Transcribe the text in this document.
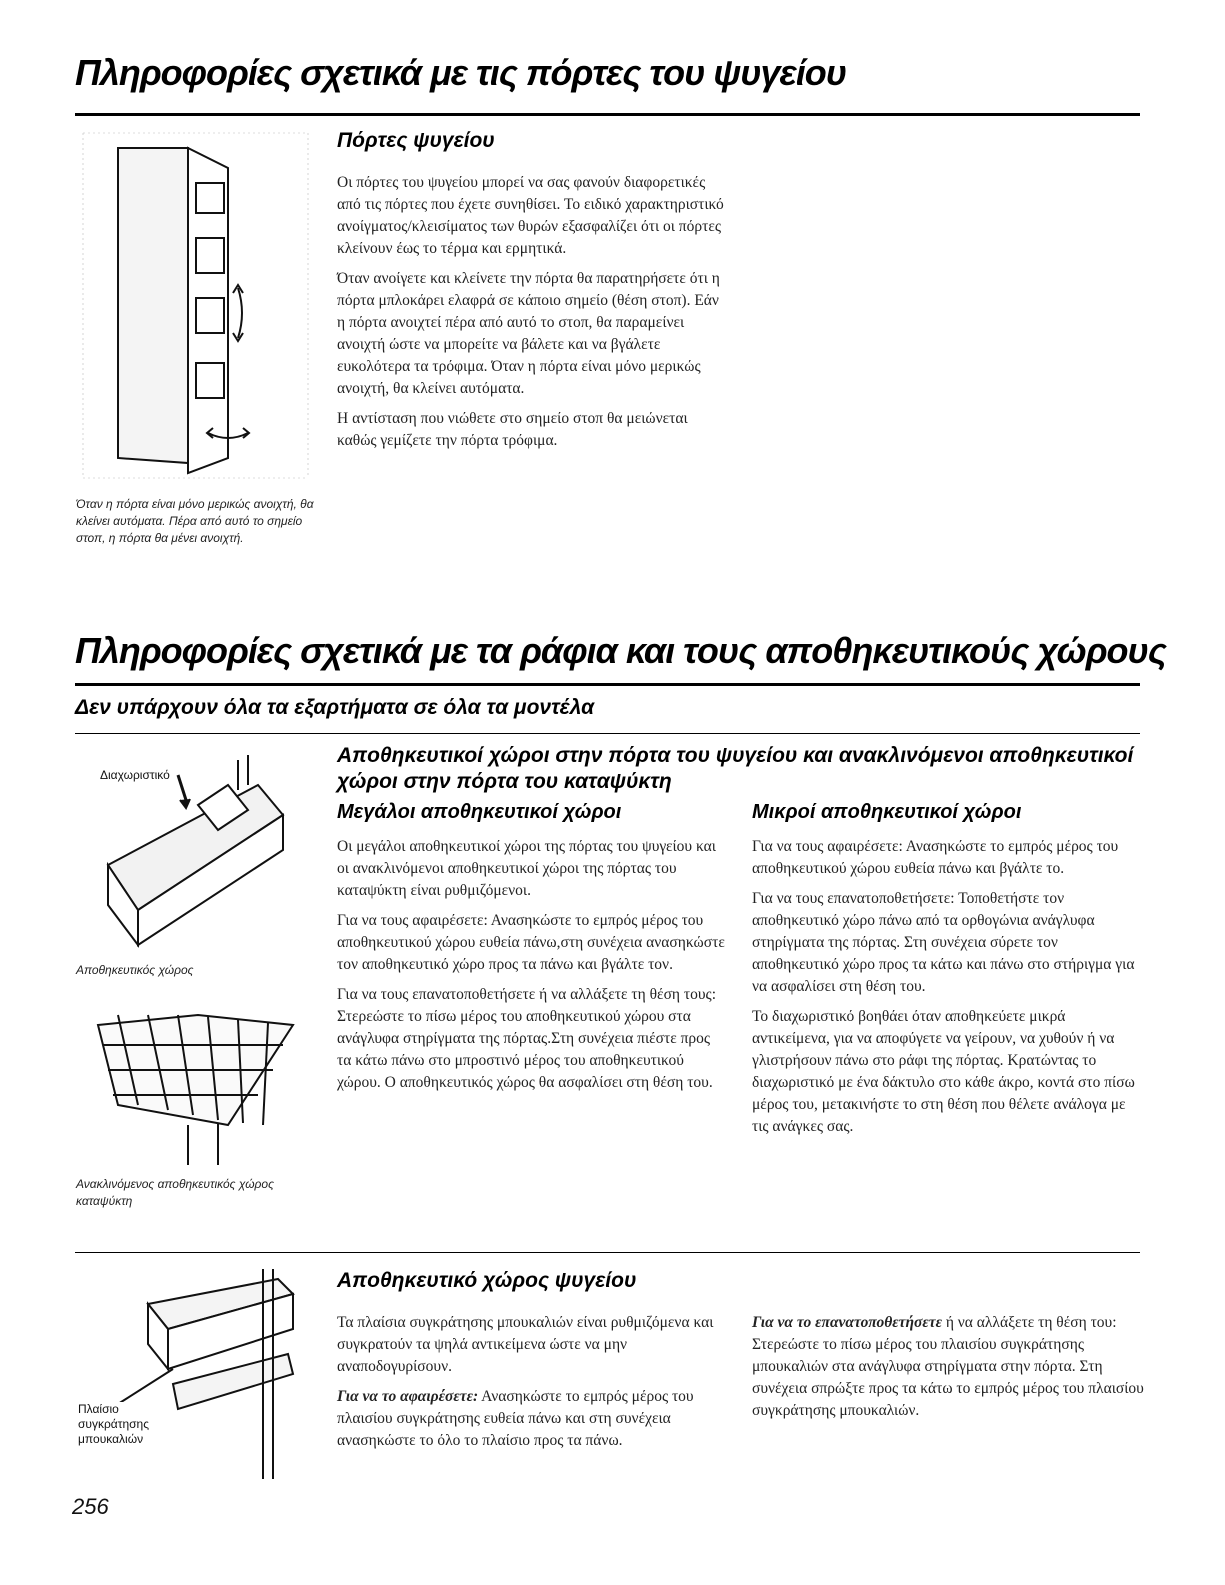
Πληροφορίες σχετικά με τις πόρτες του ψυγείου
Όταν η πόρτα είναι μόνο μερικώς ανοιχτή, θα κλείνει αυτόματα. Πέρα από αυτό το σημείο στοπ, η πόρτα θα μένει ανοιχτή.
Πόρτες ψυγείου

Οι πόρτες του ψυγείου μπορεί να σας φανούν διαφορετικές από τις πόρτες που έχετε συνηθίσει. Το ειδικό χαρακτηριστικό ανοίγματος/κλεισίματος των θυρών εξασφαλίζει ότι οι πόρτες κλείνουν έως το τέρμα και ερμητικά.

Όταν ανοίγετε και κλείνετε την πόρτα θα παρατηρήσετε ότι η πόρτα μπλοκάρει ελαφρά σε κάποιο σημείο (θέση στοπ). Εάν η πόρτα ανοιχτεί πέρα από αυτό το στοπ, θα παραμείνει ανοιχτή ώστε να μπορείτε να βάλετε και να βγάλετε ευκολότερα τα τρόφιμα. Όταν η πόρτα είναι μόνο μερικώς ανοιχτή, θα κλείνει αυτόματα.

Η αντίσταση που νιώθετε στο σημείο στοπ θα μειώνεται καθώς γεμίζετε την πόρτα τρόφιμα.

Πληροφορίες σχετικά με τα ράφια και τους αποθηκευτικούς χώρους
Δεν υπάρχουν όλα τα εξαρτήματα σε όλα τα μοντέλα
Διαχωριστικό
Αποθηκευτικός χώρος
Ανακλινόμενος αποθηκευτικός χώρος καταψύκτη
Αποθηκευτικοί χώροι στην πόρτα του ψυγείου και ανακλινόμενοι αποθηκευτικοί χώροι στην πόρτα του καταψύκτη
Μεγάλοι αποθηκευτικοί χώροι

Οι μεγάλοι αποθηκευτικοί χώροι της πόρτας του ψυγείου και οι ανακλινόμενοι αποθηκευτικοί χώροι της πόρτας του καταψύκτη είναι ρυθμιζόμενοι.

Για να τους αφαιρέσετε: Ανασηκώστε το εμπρός μέρος του αποθηκευτικού χώρου ευθεία πάνω,στη συνέχεια ανασηκώστε τον αποθηκευτικό χώρο προς τα πάνω και βγάλτε τον.

Για να τους επανατοποθετήσετε ή να αλλάξετε τη θέση τους: Στερεώστε το πίσω μέρος του αποθηκευτικού χώρου στα ανάγλυφα στηρίγματα της πόρτας.Στη συνέχεια πιέστε προς τα κάτω πάνω στο μπροστινό μέρος του αποθηκευτικού χώρου. Ο αποθηκευτικός χώρος θα ασφαλίσει στη θέση του.

Μικροί αποθηκευτικοί χώροι

Για να τους αφαιρέσετε: Ανασηκώστε το εμπρός μέρος του αποθηκευτικού χώρου ευθεία πάνω και βγάλτε το.

Για να τους επανατοποθετήσετε: Τοποθετήστε τον αποθηκευτικό χώρο πάνω από τα ορθογώνια ανάγλυφα στηρίγματα της πόρτας. Στη συνέχεια σύρετε τον αποθηκευτικό χώρο προς τα κάτω και πάνω στο στήριγμα για να ασφαλίσει στη θέση του.

Το διαχωριστικό βοηθάει όταν αποθηκεύετε μικρά αντικείμενα, για να αποφύγετε να γείρουν, να χυθούν ή να γλιστρήσουν πάνω στο ράφι της πόρτας. Κρατώντας το διαχωριστικό με ένα δάκτυλο στο κάθε άκρο, κοντά στο πίσω μέρος του, μετακινήστε το στη θέση που θέλετε ανάλογα με τις ανάγκες σας.

Πλαίσιο συγκράτησης μπουκαλιών
Αποθηκευτικό χώρος ψυγείου

Τα πλαίσια συγκράτησης μπουκαλιών είναι ρυθμιζόμενα και συγκρατούν τα ψηλά αντικείμενα ώστε να μην αναποδογυρίσουν.

Για να το αφαιρέσετε: Ανασηκώστε το εμπρός μέρος του πλαισίου συγκράτησης ευθεία πάνω και στη συνέχεια ανασηκώστε το όλο το πλαίσιο προς τα πάνω.

Για να το επανατοποθετήσετε ή να αλλάξετε τη θέση του: Στερεώστε το πίσω μέρος του πλαισίου συγκράτησης μπουκαλιών στα ανάγλυφα στηρίγματα στην πόρτα. Στη συνέχεια σπρώξτε προς τα κάτω το εμπρός μέρος του πλαισίου συγκράτησης μπουκαλιών.

256
